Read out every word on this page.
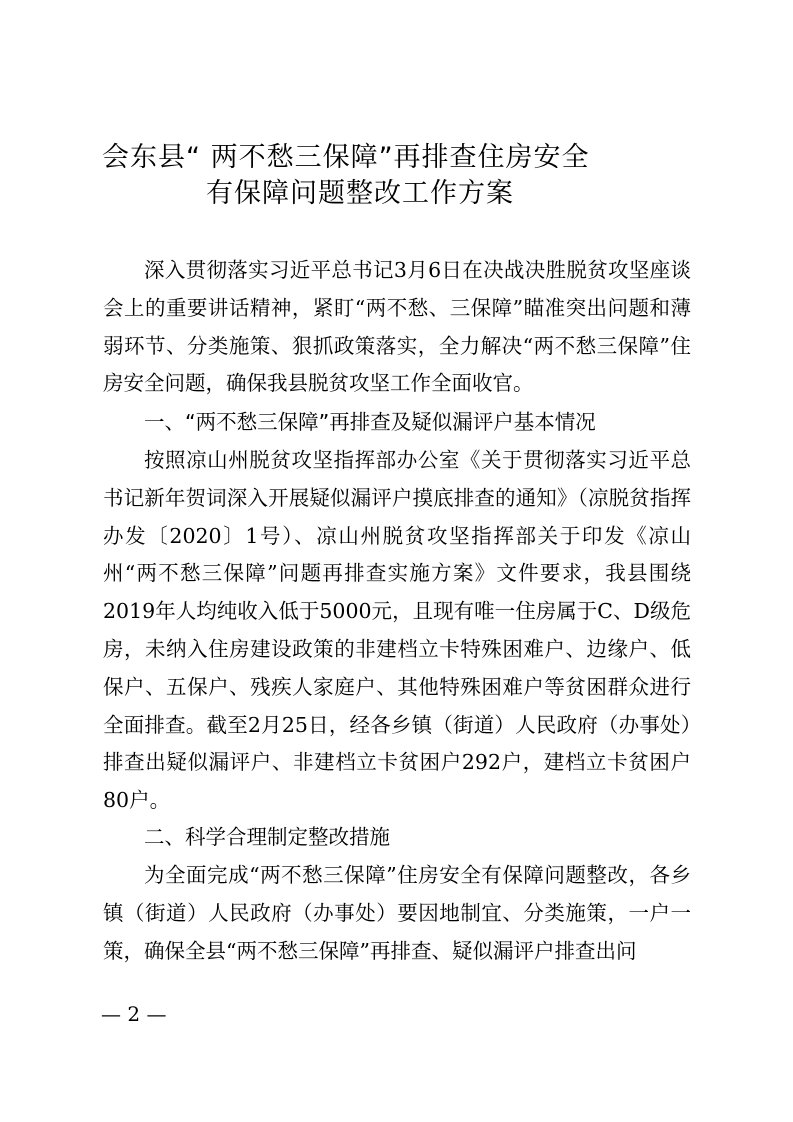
会东县“ 两不愁三保障”再排查住房安全
有保障问题整改工作方案

深入贯彻落实习近平总书记3月6日在决战决胜脱贫攻坚座谈会上的重要讲话精神，紧盯“两不愁、三保障”瞄准突出问题和薄弱环节、分类施策、狠抓政策落实，全力解决“两不愁三保障”住房安全问题，确保我县脱贫攻坚工作全面收官。

一、“两不愁三保障”再排查及疑似漏评户基本情况

按照凉山州脱贫攻坚指挥部办公室《关于贯彻落实习近平总书记新年贺词深入开展疑似漏评户摸底排查的通知》（凉脱贫指挥办发〔2020〕1号）、凉山州脱贫攻坚指挥部关于印发《凉山州“两不愁三保障”问题再排查实施方案》文件要求，我县围绕2019年人均纯收入低于5000元，且现有唯一住房属于C、D级危房，未纳入住房建设政策的非建档立卡特殊困难户、边缘户、低保户、五保户、残疾人家庭户、其他特殊困难户等贫困群众进行全面排查。截至2月25日，经各乡镇（街道）人民政府（办事处）排查出疑似漏评户、非建档立卡贫困户292户，建档立卡贫困户80户。

二、科学合理制定整改措施

为全面完成“两不愁三保障”住房安全有保障问题整改，各乡镇（街道）人民政府（办事处）要因地制宜、分类施策，一户一策，确保全县“两不愁三保障”再排查、疑似漏评户排查出问

— 2 —
